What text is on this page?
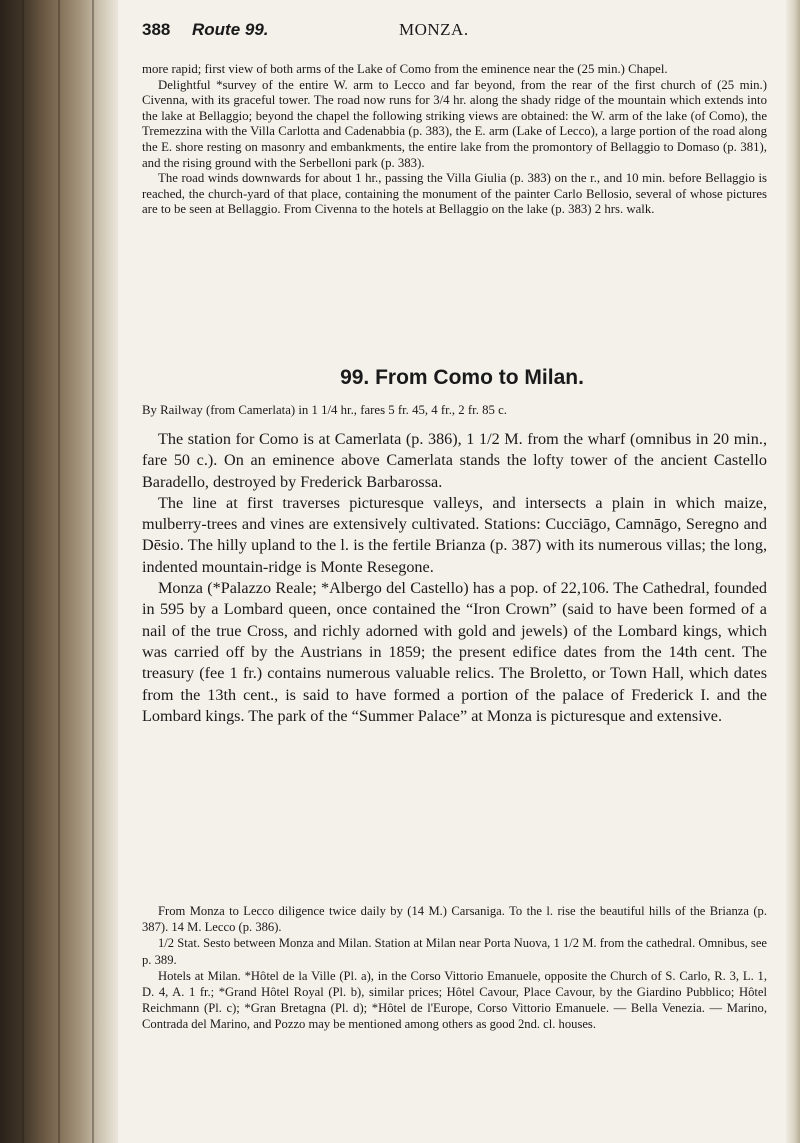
388 Route 99.	MONZA.

more rapid; first view of both arms of the Lake of Como from the eminence near the (25 min.) Chapel.

Delightful *survey of the entire W. arm to Lecco and far beyond, from the rear of the first church of (25 min.) Civenna, with its graceful tower. The road now runs for 3/4 hr. along the shady ridge of the mountain which extends into the lake at Bellaggio; beyond the chapel the following striking views are obtained: the W. arm of the lake (of Como), the Tremezzina with the Villa Carlotta and Cadenabbia (p. 383), the E. arm (Lake of Lecco), a large portion of the road along the E. shore resting on masonry and embankments, the entire lake from the promontory of Bellaggio to Domaso (p. 381), and the rising ground with the Serbelloni park (p. 383).

The road winds downwards for about 1 hr., passing the Villa Giulia (p. 383) on the r., and 10 min. before Bellaggio is reached, the church-yard of that place, containing the monument of the painter Carlo Bellosio, several of whose pictures are to be seen at Bellaggio. From Civenna to the hotels at Bellaggio on the lake (p. 383) 2 hrs. walk.

99. From Como to Milan.
By Railway (from Camerlata) in 1 1/4 hr., fares 5 fr. 45, 4 fr., 2 fr. 85 c.

The station for Como is at Camerlata (p. 386), 1 1/2 M. from the wharf (omnibus in 20 min., fare 50 c.). On an eminence above Camerlata stands the lofty tower of the ancient Castello Baradello, destroyed by Frederick Barbarossa.

The line at first traverses picturesque valleys, and intersects a plain in which maize, mulberry-trees and vines are extensively cultivated. Stations: Cucciāgo, Camnāgo, Seregno and Dēsio. The hilly upland to the l. is the fertile Brianza (p. 387) with its numerous villas; the long, indented mountain-ridge is Monte Resegone.

Monza (*Palazzo Reale; *Albergo del Castello) has a pop. of 22,106. The Cathedral, founded in 595 by a Lombard queen, once contained the “Iron Crown” (said to have been formed of a nail of the true Cross, and richly adorned with gold and jewels) of the Lombard kings, which was carried off by the Austrians in 1859; the present edifice dates from the 14th cent. The treasury (fee 1 fr.) contains numerous valuable relics. The Broletto, or Town Hall, which dates from the 13th cent., is said to have formed a portion of the palace of Frederick I. and the Lombard kings. The park of the “Summer Palace” at Monza is picturesque and extensive.

From Monza to Lecco diligence twice daily by (14 M.) Carsaniga. To the l. rise the beautiful hills of the Brianza (p. 387). 14 M. Lecco (p. 386).

1/2 Stat. Sesto between Monza and Milan. Station at Milan near Porta Nuova, 1 1/2 M. from the cathedral. Omnibus, see p. 389.

Hotels at Milan. *Hôtel de la Ville (Pl. a), in the Corso Vittorio Emanuele, opposite the Church of S. Carlo, R. 3, L. 1, D. 4, A. 1 fr.; *Grand Hôtel Royal (Pl. b), similar prices; Hôtel Cavour, Place Cavour, by the Giardino Pubblico; Hôtel Reichmann (Pl. c); *Gran Bretagna (Pl. d); *Hôtel de l'Europe, Corso Vittorio Emanuele. — Bella Venezia. — Marino, Contrada del Marino, and Pozzo may be mentioned among others as good 2nd. cl. houses.
